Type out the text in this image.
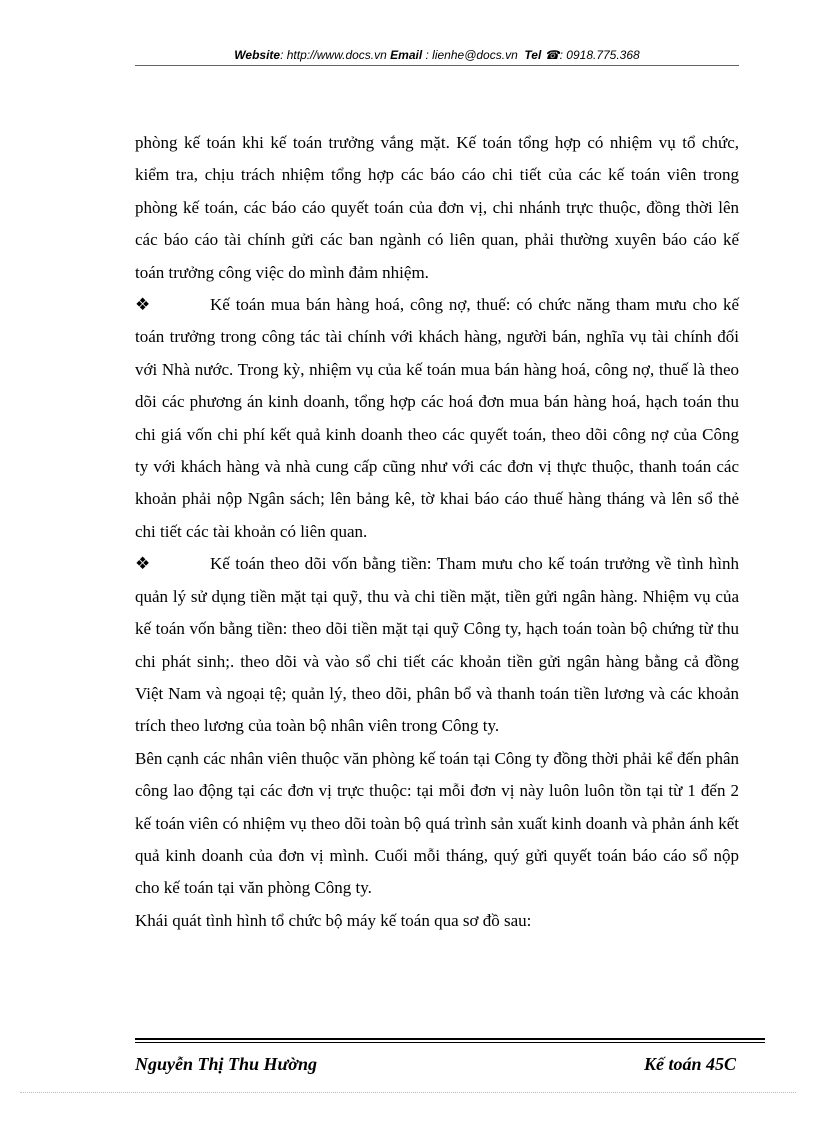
Website: http://www.docs.vn Email : lienhe@docs.vn Tel ☎: 0918.775.368

phòng kế toán khi kế toán trưởng vắng mặt. Kế toán tổng hợp có nhiệm vụ tổ chức, kiểm tra, chịu trách nhiệm tổng hợp các báo cáo chi tiết của các kế toán viên trong phòng kế toán, các báo cáo quyết toán của đơn vị, chi nhánh trực thuộc, đồng thời lên các báo cáo tài chính gửi các ban ngành có liên quan, phải thường xuyên báo cáo kế toán trưởng công việc do mình đảm nhiệm.

❖	Kế toán mua bán hàng hoá, công nợ, thuế: có chức năng tham mưu cho kế toán trưởng trong công tác tài chính với khách hàng, người bán, nghĩa vụ tài chính đối với Nhà nước. Trong kỳ, nhiệm vụ của kế toán mua bán hàng hoá, công nợ, thuế là theo dõi các phương án kinh doanh, tổng hợp các hoá đơn mua bán hàng hoá, hạch toán thu chi giá vốn chi phí kết quả kinh doanh theo các quyết toán, theo dõi công nợ của Công ty với khách hàng và nhà cung cấp cũng như với các đơn vị thực thuộc, thanh toán các khoản phải nộp Ngân sách; lên bảng kê, tờ khai báo cáo thuế hàng tháng và lên sổ thẻ chi tiết các tài khoản có liên quan.

❖	Kế toán theo dõi vốn bằng tiền: Tham mưu cho kế toán trưởng về tình hình quản lý sử dụng tiền mặt tại quỹ, thu và chi tiền mặt, tiền gửi ngân hàng. Nhiệm vụ của kế toán vốn bằng tiền: theo dõi tiền mặt tại quỹ Công ty, hạch toán toàn bộ chứng từ thu chi phát sinh;. theo dõi và vào sổ chi tiết các khoản tiền gửi ngân hàng bằng cả đồng Việt Nam và ngoại tệ; quản lý, theo dõi, phân bổ và thanh toán tiền lương và các khoản trích theo lương của toàn bộ nhân viên trong Công ty.

Bên cạnh các nhân viên thuộc văn phòng kế toán tại Công ty đồng thời phải kể đến phân công lao động tại các đơn vị trực thuộc: tại mỗi đơn vị này luôn luôn tồn tại từ 1 đến 2 kế toán viên có nhiệm vụ theo dõi toàn bộ quá trình sản xuất kinh doanh và phản ánh kết quả kinh doanh của đơn vị mình. Cuối mỗi tháng, quý gửi quyết toán báo cáo sổ nộp cho kế toán tại văn phòng Công ty.

Khái quát tình hình tổ chức bộ máy kế toán qua sơ đồ sau:

Nguyễn Thị Thu Hường	Kế toán 45C
